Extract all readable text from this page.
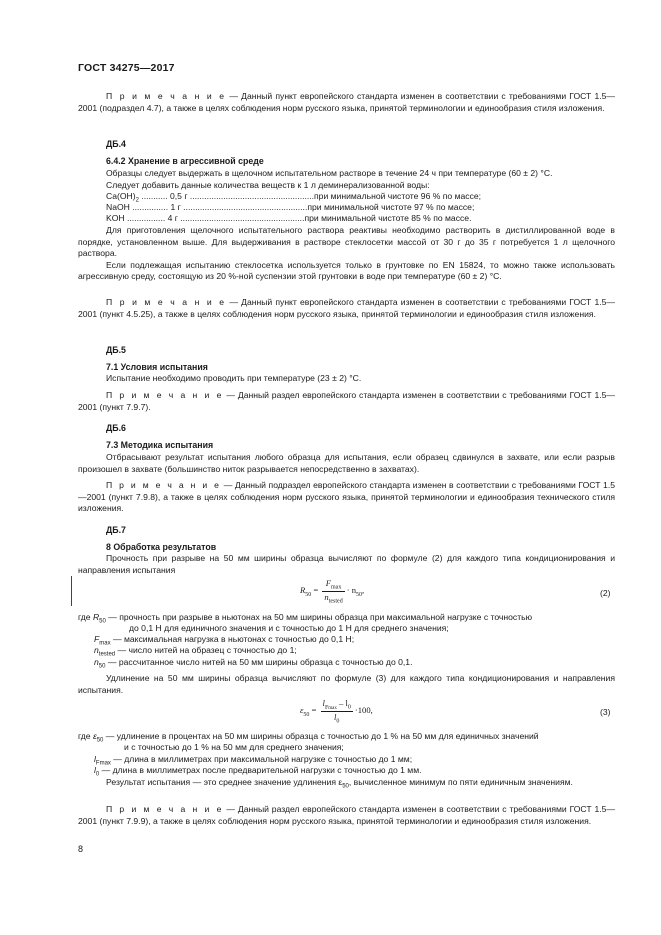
ГОСТ 34275—2017

П р и м е ч а н и е — Данный пункт европейского стандарта изменен в соответствии с требованиями ГОСТ 1.5—2001 (подраздел 4.7), а также в целях соблюдения норм русского языка, принятой терминологии и единообразия стиля изложения.

ДБ.4
6.4.2 Хранение в агрессивной среде

Образцы следует выдержать в щелочном испытательном растворе в течение 24 ч при температуре (60 ± 2) °С.

Следует добавить данные количества веществ к 1 л деминерализованной воды:

$Ca(OH)_2$ ........... 0,5 г ....................................................при минимальной чистоте 96 % по массе;
NaOH ............... 1 г ....................................................при минимальной чистоте 97 % по массе;
KOH ................ 4 г ....................................................при минимальной чистоте 85 % по массе.

Для приготовления щелочного испытательного раствора реактивы необходимо растворить в дистиллированной воде в порядке, установленном выше. Для выдерживания в растворе стеклосетки массой от 30 г до 35 г потребуется 1 л щелочного раствора.

Если подлежащая испытанию стеклосетка используется только в грунтовке по EN 15824, то можно также использовать агрессивную среду, состоящую из 20 %-ной суспензии этой грунтовки в воде при температуре (60 ± 2) °С.

П р и м е ч а н и е — Данный пункт европейского стандарта изменен в соответствии с требованиями ГОСТ 1.5—2001 (пункт 4.5.25), а также в целях соблюдения норм русского языка, принятой терминологии и единообразия стиля изложения.

ДБ.5
7.1 Условия испытания

Испытание необходимо проводить при температуре (23 ± 2) °С.

П р и м е ч а н и е — Данный раздел европейского стандарта изменен в соответствии с требованиями ГОСТ 1.5—2001 (пункт 7.9.7).

ДБ.6
7.3 Методика испытания

Отбрасывают результат испытания любого образца для испытания, если образец сдвинулся в захвате, или если разрыв произошел в захвате (большинство ниток разрывается непосредственно в захватах).

П р и м е ч а н и е — Данный подраздел европейского стандарта изменен в соответствии с требованиями ГОСТ 1.5—2001 (пункт 7.9.8), а также в целях соблюдения норм русского языка, принятой терминологии и единообразия технического стиля изложения.

ДБ.7
8 Обработка результатов

Прочность при разрыве на 50 мм ширины образца вычисляют по формуле (2) для каждого типа кондиционирования и направления испытания

$R_{50} = \frac{F_{max}}{n_{tested}} \cdot n_{50}$,	(2)
где $R_{50}$ — прочность при разрыве в ньютонах на 50 мм ширины образца при максимальной нагрузке с точностью
до 0,1 Н для единичного значения и с точностью до 1 Н для среднего значения;
$F_{max}$ — максимальная нагрузка в ньютонах с точностью до 0,1 Н;
$n_{tested}$ — число нитей на образец с точностью до 1;
$n_{50}$ — рассчитанное число нитей на 50 мм ширины образца с точностью до 0,1.

Удлинение на 50 мм ширины образца вычисляют по формуле (3) для каждого типа кондиционирования и направления испытания.

$\varepsilon_{50} = \frac{l_{Fmax} - l_0}{l_0} \cdot 100$,	(3)
где $\varepsilon_{50}$ — удлинение в процентах на 50 мм ширины образца с точностью до 1 % на 50 мм для единичных значений
и с точностью до 1 % на 50 мм для среднего значения;
$l_{Fmax}$ — длина в миллиметрах при максимальной нагрузке с точностью до 1 мм;
$l_0$ — длина в миллиметрах после предварительной нагрузки с точностью до 1 мм.

Результат испытания — это среднее значение удлинения $\varepsilon_{50}$, вычисленное минимум по пяти единичным значениям.

П р и м е ч а н и е — Данный раздел европейского стандарта изменен в соответствии с требованиями ГОСТ 1.5—2001 (пункт 7.9.9), а также в целях соблюдения норм русского языка, принятой терминологии и единообразия стиля изложения.

8
